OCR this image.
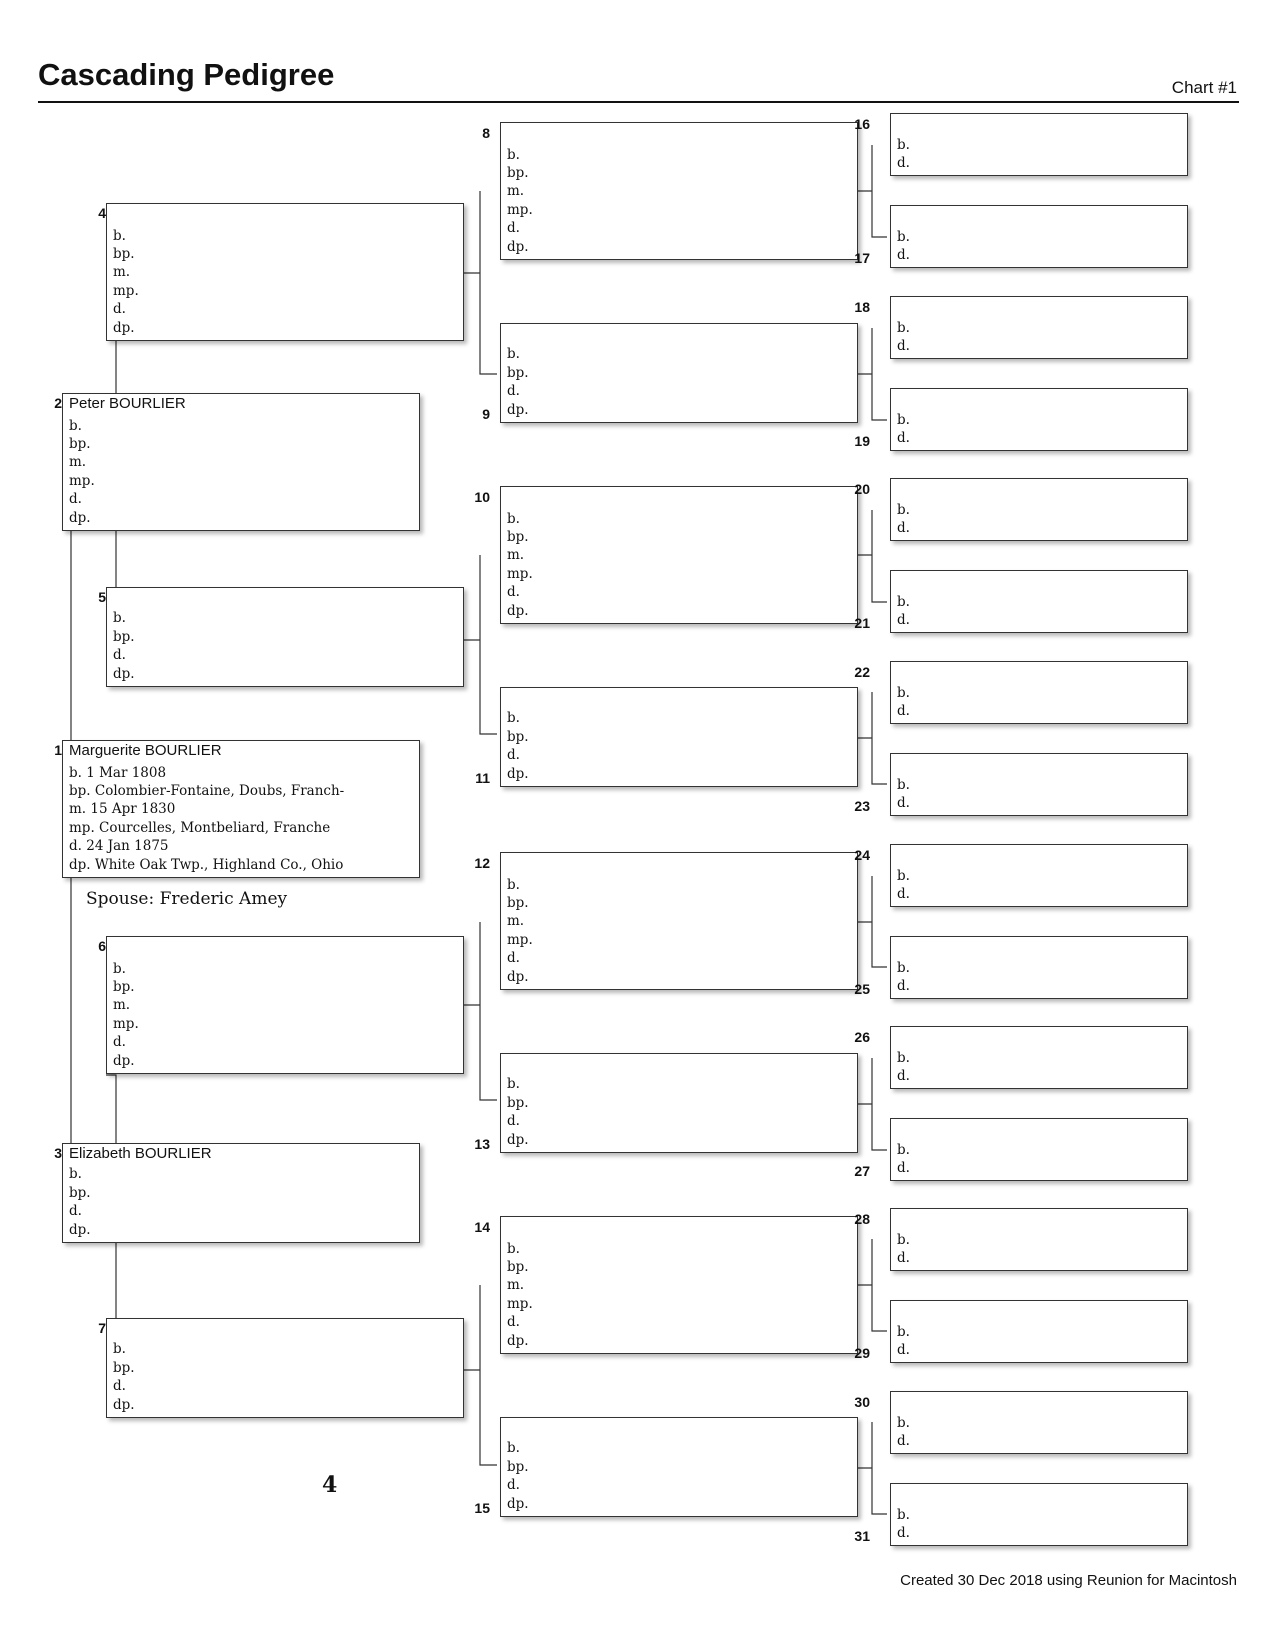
Cascading Pedigree	Chart #1
Marguerite BOURLIER
b. 1 Mar 1808
bp. Colombier-Fontaine, Doubs, Franch-
m. 15 Apr 1830
mp. Courcelles, Montbeliard, Franche
d. 24 Jan 1875
dp. White Oak Twp., Highland Co., Ohio
1
Peter BOURLIER
b.
bp.
m.
mp.
d.
dp.
2
Elizabeth BOURLIER
b.
bp.
d.
dp.
3
b.
bp.
m.
mp.
d.
dp.
4
b.
bp.
d.
dp.
5
b.
bp.
m.
mp.
d.
dp.
6
b.
bp.
d.
dp.
7
b.
bp.
m.
mp.
d.
dp.
8
b.
bp.
d.
dp.
9
b.
bp.
m.
mp.
d.
dp.
10
b.
bp.
d.
dp.
11
b.
bp.
m.
mp.
d.
dp.
12
b.
bp.
d.
dp.
13
b.
bp.
m.
mp.
d.
dp.
14
b.
bp.
d.
dp.
15
b.
d.
16
b.
d.
17
b.
d.
18
b.
d.
19
b.
d.
20
b.
d.
21
b.
d.
22
b.
d.
23
b.
d.
24
b.
d.
25
b.
d.
26
b.
d.
27
b.
d.
28
b.
d.
29
b.
d.
30
b.
d.
31
Spouse: Frederic Amey
4
Created 30 Dec 2018 using Reunion for Macintosh
